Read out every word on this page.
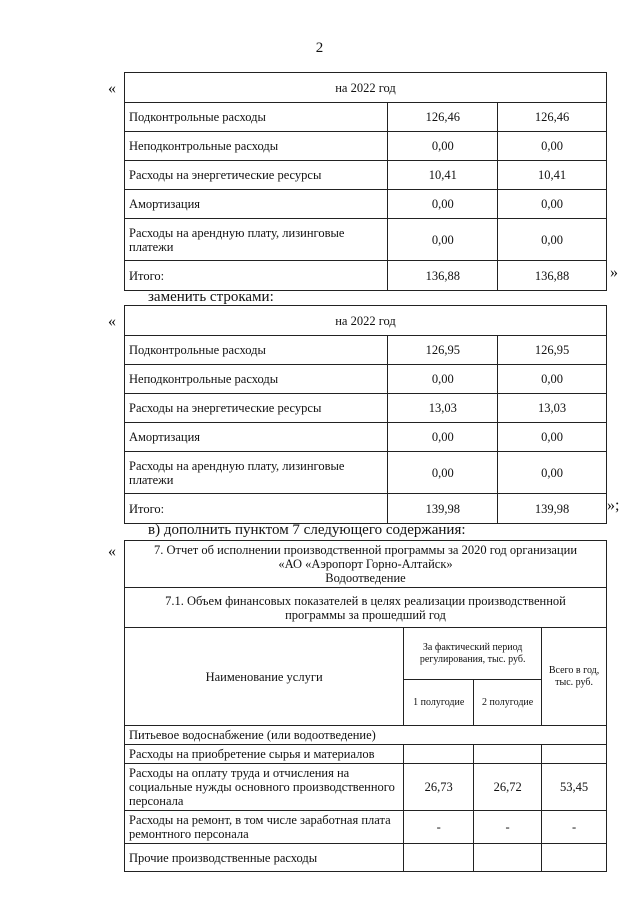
2
«	на 2022 год		
Подконтрольные расходы	126,46	126,46
Неподконтрольные расходы	0,00	0,00
Расходы на энергетические ресурсы	10,41	10,41
Амортизация	0,00	0,00
Расходы на арендную плату, лизинговые платежи	0,00	0,00
Итого:	136,88	136,88	»
заменить строками:
«	на 2022 год		
Подконтрольные расходы	126,95	126,95
Неподконтрольные расходы	0,00	0,00
Расходы на энергетические ресурсы	13,03	13,03
Амортизация	0,00	0,00
Расходы на арендную плату, лизинговые платежи	0,00	0,00
Итого:	139,98	139,98 »;
в) дополнить пунктом 7 следующего содержания:
«	7. Отчет об исполнении производственной программы за 2020 год организации
«АО «Аэропорт Горно-Алтайск»
Водоотведение			

7.1. Объем финансовых показателей в целях реализации производственной
программы за прошедший год			

Наименование услуги	За фактический период регулирования, тыс. руб.		Всего в год, тыс. руб.
	1 полугодие	2 полугодие	
Питьевое водоснабжение (или водоотведение)			
Расходы на приобретение сырья и материалов			
Расходы на оплату труда и отчисления на социальные нужды основного производственного персонала	26,73	26,72	53,45
Расходы на ремонт, в том числе заработная плата ремонтного персонала	-	-	-
Прочие производственные расходы			
